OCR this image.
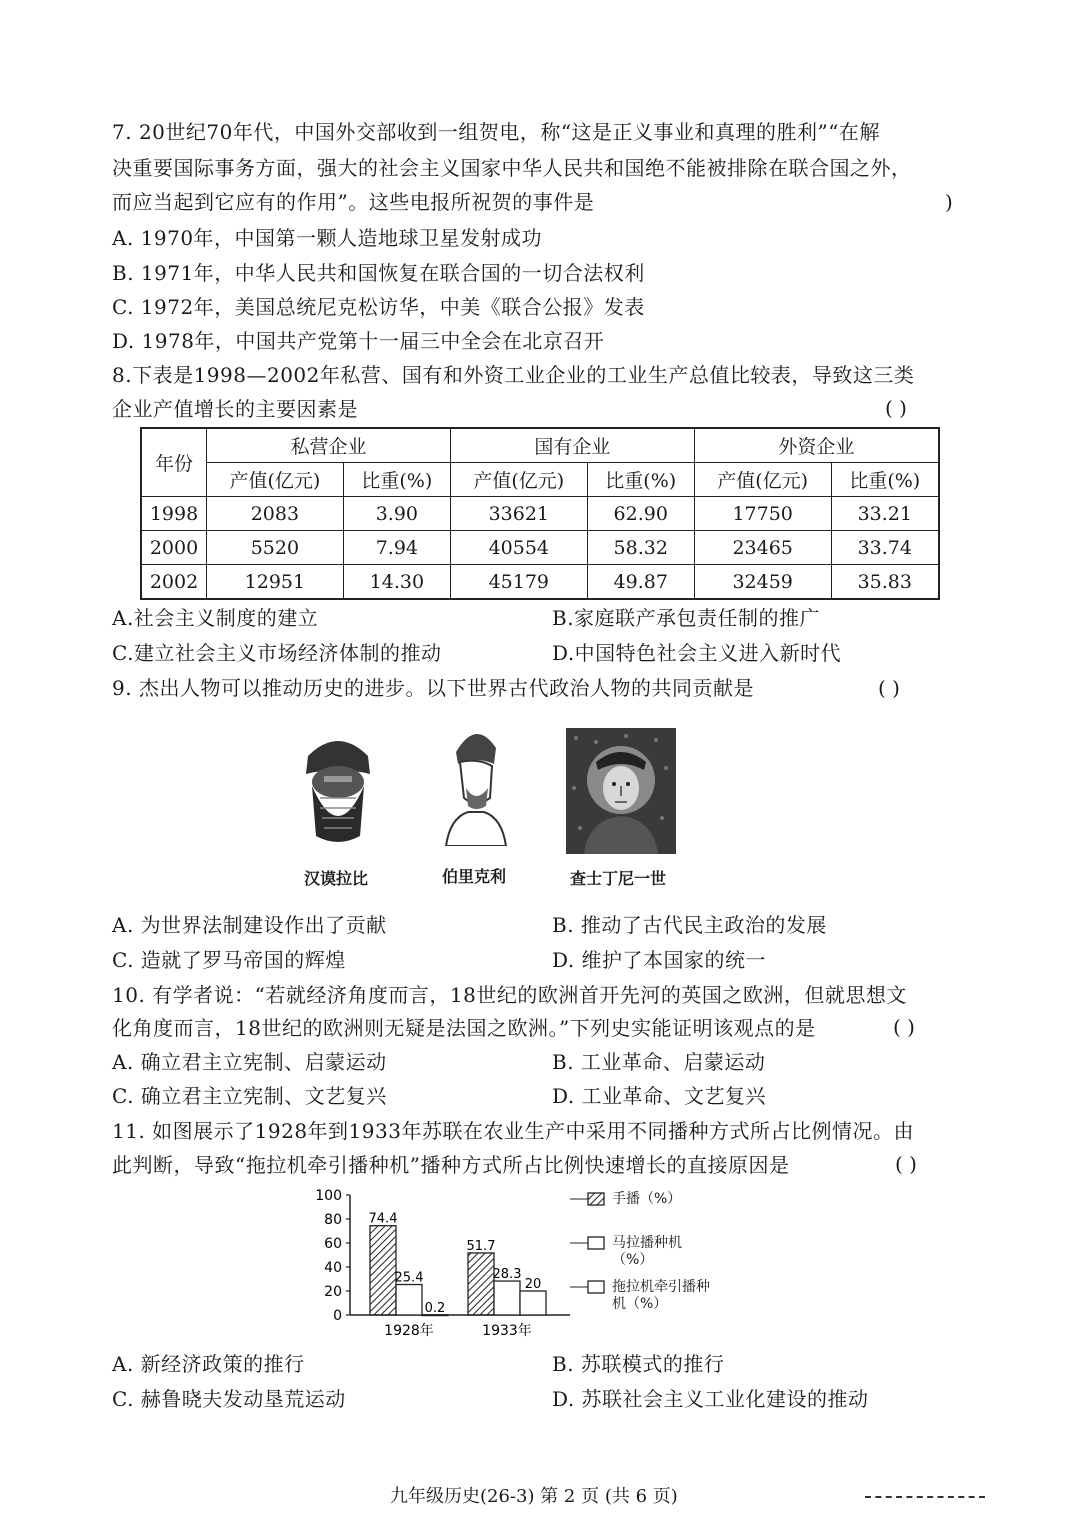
7. 20世纪70年代，中国外交部收到一组贺电，称“这是正义事业和真理的胜利”“在解
决重要国际事务方面，强大的社会主义国家中华人民共和国绝不能被排除在联合国之外，
而应当起到它应有的作用”。这些电报所祝贺的事件是	)
A. 1970年，中国第一颗人造地球卫星发射成功
B. 1971年，中华人民共和国恢复在联合国的一切合法权利
C. 1972年，美国总统尼克松访华，中美《联合公报》发表
D. 1978年，中国共产党第十一届三中全会在北京召开
8.下表是1998—2002年私营、国有和外资工业企业的工业生产总值比较表，导致这三类
企业产值增长的主要因素是	( )
年份	私营企业		国有企业		外资企业	
	产值(亿元)	比重(%)	产值(亿元)	比重(%)	产值(亿元)	比重(%)
1998	2083	3.90	33621	62.90	17750	33.21
2000	5520	7.94	40554	58.32	23465	33.74
2002	12951	14.30	45179	49.87	32459	35.83
A.社会主义制度的建立	B.家庭联产承包责任制的推广
C.建立社会主义市场经济体制的推动	D.中国特色社会主义进入新时代
9. 杰出人物可以推动历史的进步。以下世界古代政治人物的共同贡献是	( )
汉谟拉比	伯里克利	查士丁尼一世
A. 为世界法制建设作出了贡献	B. 推动了古代民主政治的发展
C. 造就了罗马帝国的辉煌	D. 维护了本国家的统一
10. 有学者说：“若就经济角度而言，18世纪的欧洲首开先河的英国之欧洲，但就思想文
化角度而言，18世纪的欧洲则无疑是法国之欧洲。”下列史实能证明该观点的是	( )
A. 确立君主立宪制、启蒙运动	B. 工业革命、启蒙运动
C. 确立君主立宪制、文艺复兴	D. 工业革命、文艺复兴
11. 如图展示了1928年到1933年苏联在农业生产中采用不同播种方式所占比例情况。由
此判断，导致“拖拉机牵引播种机”播种方式所占比例快速增长的直接原因是	( )
0
20
40
60
80
100
74.4
25.4
0.2
1928年
51.7
28.3
20
1933年
手播（%）
马拉播种机（%）
拖拉机牵引播种机（%）
A. 新经济政策的推行	B. 苏联模式的推行
C. 赫鲁晓夫发动垦荒运动	D. 苏联社会主义工业化建设的推动
九年级历史(26-3) 第 2 页 (共 6 页)
